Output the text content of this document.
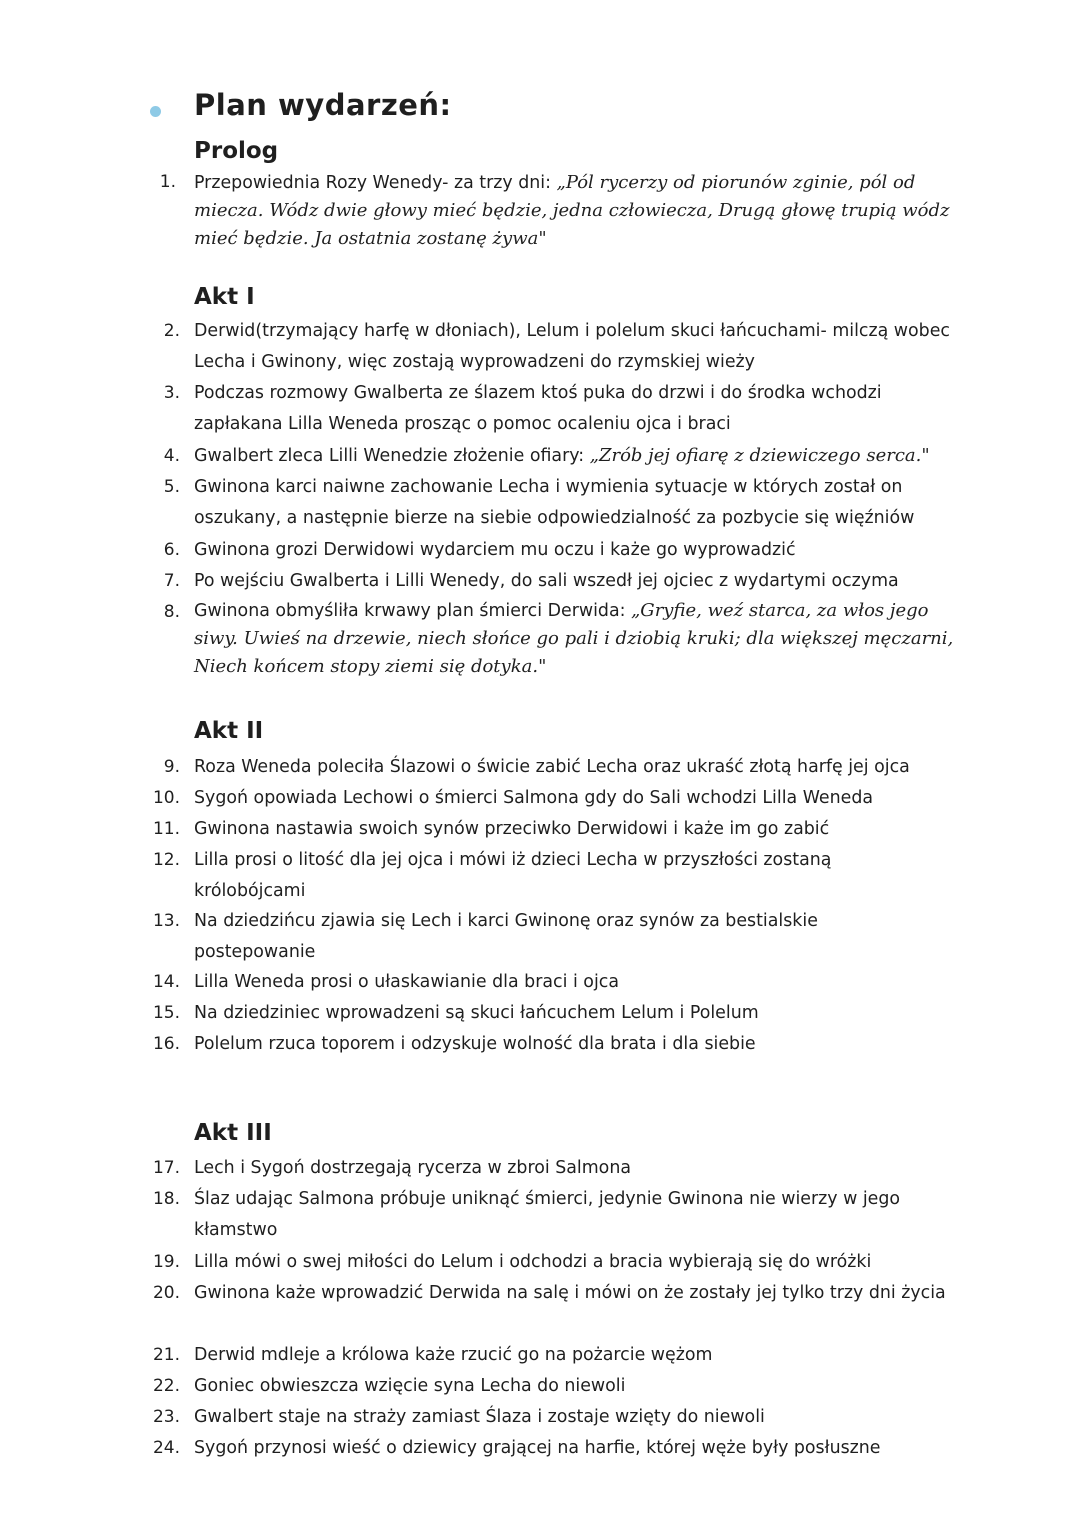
Plan wydarzeń:
Prolog
1. Przepowiednia Rozy Wenedy- za trzy dni: „Pól rycerzy od piorunów zginie, pól od miecza. Wódz dwie głowy mieć będzie, jedna człowiecza, Drugą głowę trupią wódz mieć będzie. Ja ostatnia zostanę żywa"
Akt I
2. Derwid(trzymający harfę w dłoniach), Lelum i polelum skuci łańcuchami- milczą wobec Lecha i Gwinony, więc zostają wyprowadzeni do rzymskiej wieży
3. Podczas rozmowy Gwalberta ze ślazem ktoś puka do drzwi i do środka wchodzi zapłakana Lilla Weneda prosząc o pomoc ocaleniu ojca i braci
4. Gwalbert zleca Lilli Wenedzie złożenie ofiary: „Zrób jej ofiarę z dziewiczego serca."
5. Gwinona karci naiwne zachowanie Lecha i wymienia sytuacje w których został on oszukany, a następnie bierze na siebie odpowiedzialność za pozbycie się więźniów
6. Gwinona grozi Derwidowi wydarciem mu oczu i każe go wyprowadzić
7. Po wejściu Gwalberta i Lilli Wenedy, do sali wszedł jej ojciec z wydartymi oczyma
8. Gwinona obmyśliła krwawy plan śmierci Derwida: „Gryfie, weź starca, za włos jego siwy. Uwieś na drzewie, niech słońce go pali i dziobią kruki; dla większej męczarni, Niech końcem stopy ziemi się dotyka."
Akt II
9. Roza Weneda poleciła Ślazowi o świcie zabić Lecha oraz ukraść złotą harfę jej ojca
10. Sygoń opowiada Lechowi o śmierci Salmona gdy do Sali wchodzi Lilla Weneda
11. Gwinona nastawia swoich synów przeciwko Derwidowi i każe im go zabić
12. Lilla prosi o litość dla jej ojca i mówi iż dzieci Lecha w przyszłości zostaną królobójcami
13. Na dziedzińcu zjawia się Lech i karci Gwinonę oraz synów za bestialskie postepowanie
14. Lilla Weneda prosi o ułaskawianie dla braci i ojca
15. Na dziedziniec wprowadzeni są skuci łańcuchem Lelum i Polelum
16. Polelum rzuca toporem i odzyskuje wolność dla brata i dla siebie
Akt III
17. Lech i Sygoń dostrzegają rycerza w zbroi Salmona
18. Ślaz udając Salmona próbuje uniknąć śmierci, jedynie Gwinona nie wierzy w jego kłamstwo
19. Lilla mówi o swej miłości do Lelum i odchodzi a bracia wybierają się do wróżki
20. Gwinona każe wprowadzić Derwida na salę i mówi on że zostały jej tylko trzy dni życia
21. Derwid mdleje a królowa każe rzucić go na pożarcie wężom
22. Goniec obwieszcza wzięcie syna Lecha do niewoli
23. Gwalbert staje na straży zamiast Ślaza i zostaje wzięty do niewoli
24. Sygoń przynosi wieść o dziewicy grającej na harfie, której węże były posłuszne
